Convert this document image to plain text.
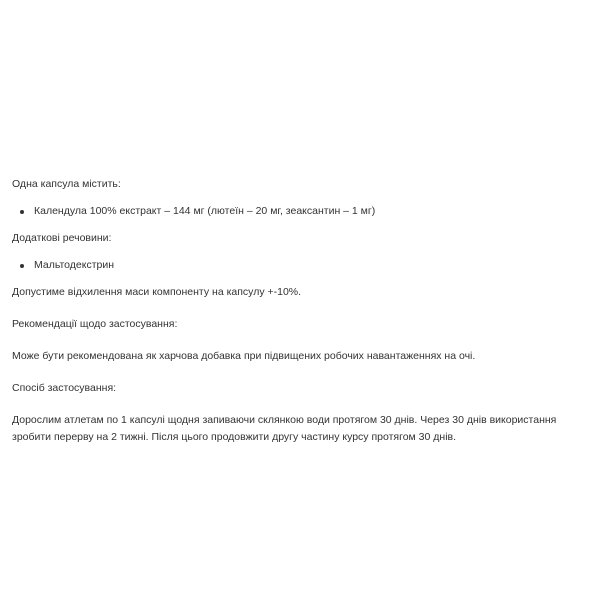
Одна капсула містить:

Календула 100% екстракт – 144 мг (лютеїн – 20 мг, зеаксантин – 1 мг)

Додаткові речовини:

Мальтодекстрин

Допустиме відхилення маси компоненту на капсулу +-10%.

Рекомендації щодо застосування:

Може бути рекомендована як харчова добавка при підвищених робочих навантаженнях на очі.

Спосіб застосування:

Дорослим атлетам по 1 капсулі щодня запиваючи склянкою води протягом 30 днів. Через 30 днів використання зробити перерву на 2 тижні. Після цього продовжити другу частину курсу протягом 30 днів.
